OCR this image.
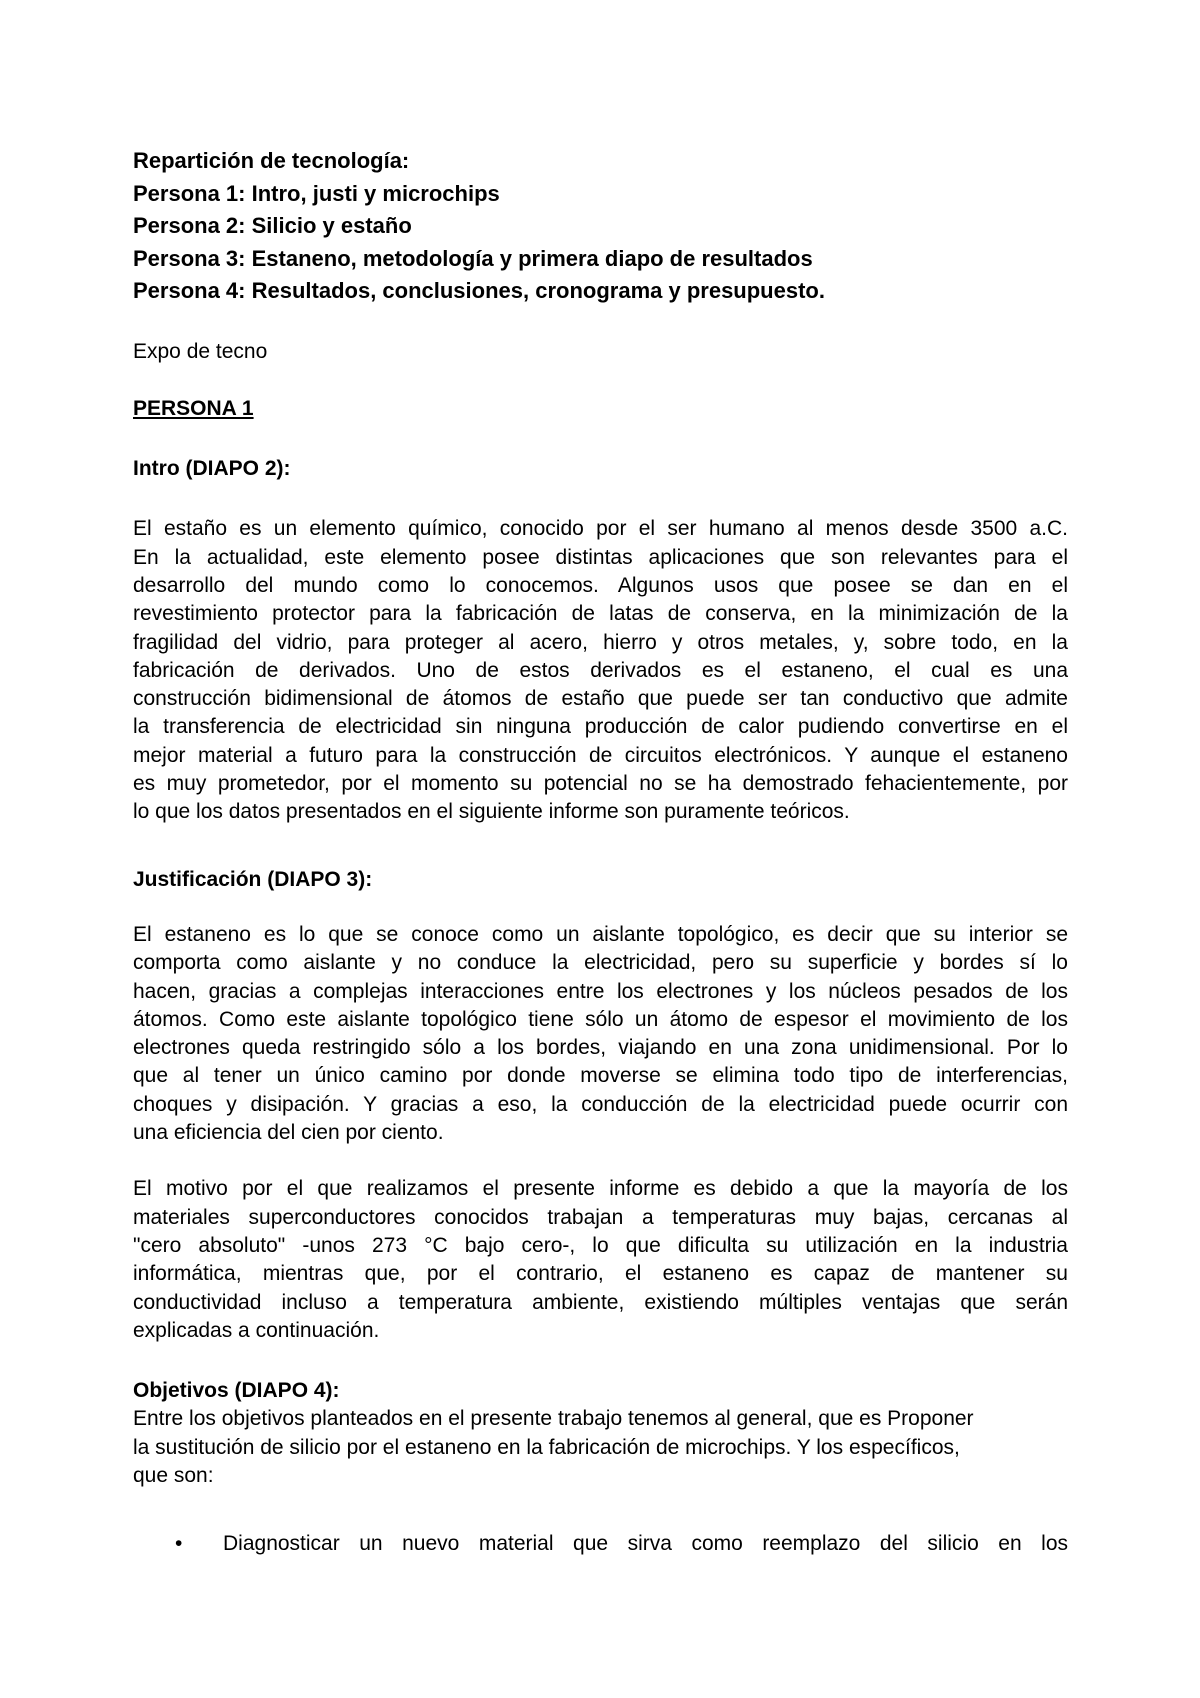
Repartición de tecnología:
Persona 1: Intro, justi y microchips
Persona 2: Silicio y estaño
Persona 3: Estaneno, metodología y primera diapo de resultados
Persona 4: Resultados, conclusiones, cronograma y presupuesto.
Expo de tecno
PERSONA 1
Intro (DIAPO 2):
El estaño es un elemento químico, conocido por el ser humano al menos desde 3500 a.C.
En la actualidad, este elemento posee distintas aplicaciones que son relevantes para el
desarrollo del mundo como lo conocemos. Algunos usos que posee se dan en el
revestimiento protector para la fabricación de latas de conserva, en la minimización de la
fragilidad del vidrio, para proteger al acero, hierro y otros metales, y, sobre todo, en la
fabricación de derivados. Uno de estos derivados es el estaneno, el cual es una
construcción bidimensional de átomos de estaño que puede ser tan conductivo que admite
la transferencia de electricidad sin ninguna producción de calor pudiendo convertirse en el
mejor material a futuro para la construcción de circuitos electrónicos. Y aunque el estaneno
es muy prometedor, por el momento su potencial no se ha demostrado fehacientemente, por
lo que los datos presentados en el siguiente informe son puramente teóricos.
Justificación (DIAPO 3):
El estaneno es lo que se conoce como un aislante topológico, es decir que su interior se
comporta como aislante y no conduce la electricidad, pero su superficie y bordes sí lo
hacen, gracias a complejas interacciones entre los electrones y los núcleos pesados de los
átomos. Como este aislante topológico tiene sólo un átomo de espesor el movimiento de los
electrones queda restringido sólo a los bordes, viajando en una zona unidimensional. Por lo
que al tener un único camino por donde moverse se elimina todo tipo de interferencias,
choques y disipación. Y gracias a eso, la conducción de la electricidad puede ocurrir con
una eficiencia del cien por ciento.
El motivo por el que realizamos el presente informe es debido a que la mayoría de los
materiales superconductores conocidos trabajan a temperaturas muy bajas, cercanas al
"cero absoluto" -unos 273 °C bajo cero-, lo que dificulta su utilización en la industria
informática, mientras que, por el contrario, el estaneno es capaz de mantener su
conductividad incluso a temperatura ambiente, existiendo múltiples ventajas que serán
explicadas a continuación.
Objetivos (DIAPO 4):
Entre los objetivos planteados en el presente trabajo tenemos al general, que es Proponer
la sustitución de silicio por el estaneno en la fabricación de microchips. Y los específicos,
que son:
• Diagnosticar un nuevo material que sirva como reemplazo del silicio en los
